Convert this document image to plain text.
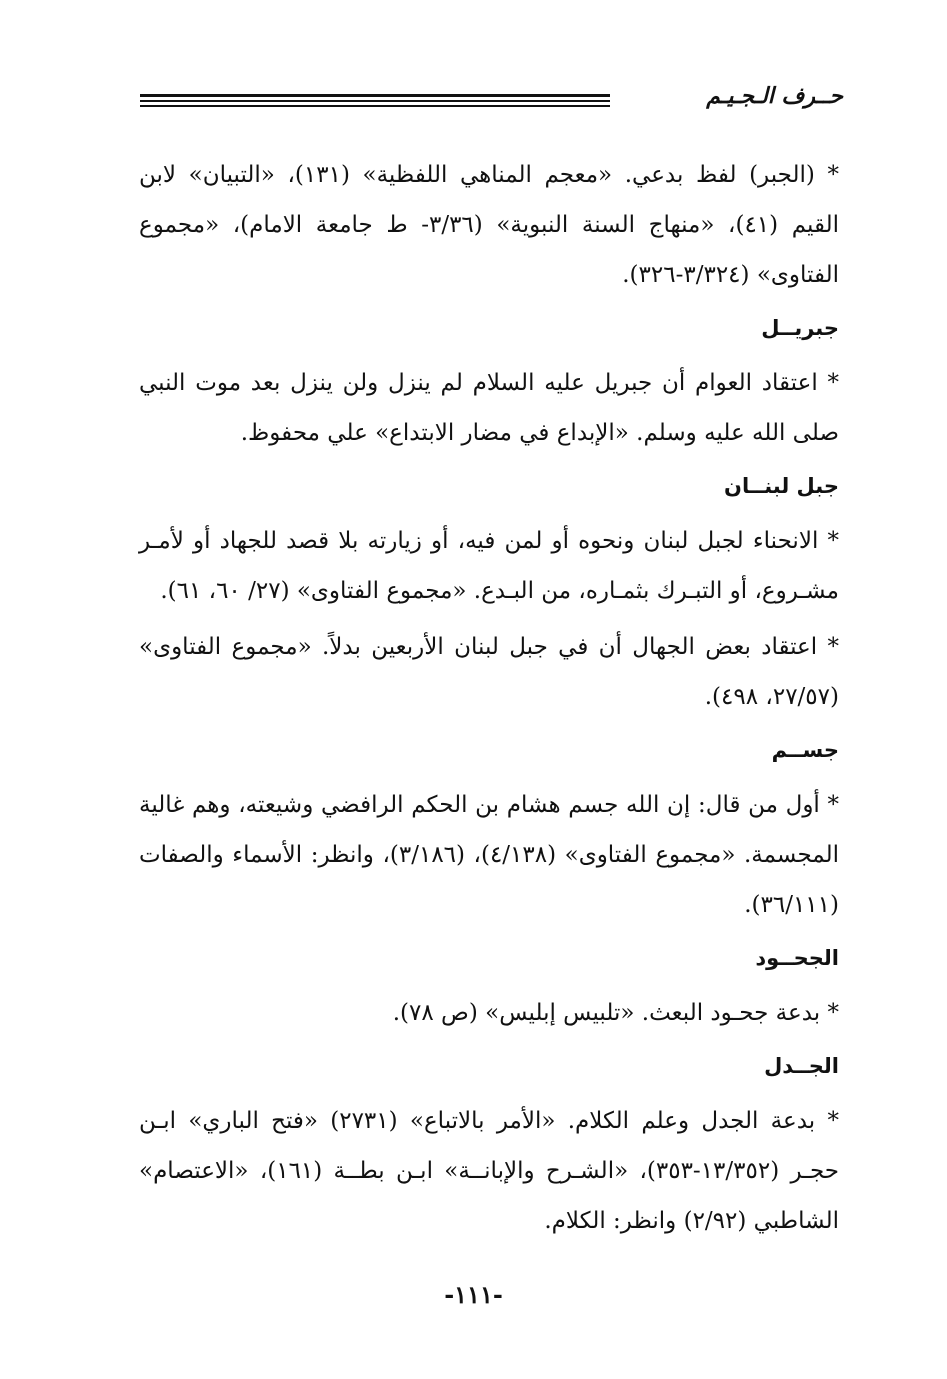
حــرف الـجـيـم

* (الجبر) لفظ بدعي. «معجم المناهي اللفظية» (١٣١)، «التبيان» لابن القيم (٤١)، «منهاج السنة النبوية» (٣/٣٦- ط جامعة الامام)، «مجموع الفتاوى» (٣/٣٢٤-٣٢٦).

جبريــل

* اعتقاد العوام أن جبريل عليه السلام لم ينزل ولن ينزل بعد موت النبي صلى الله عليه وسلم. «الإبداع في مضار الابتداع» علي محفوظ.

جبل لبنــان

* الانحناء لجبل لبنان ونحوه أو لمن فيه، أو زيارته بلا قصد للجهاد أو لأمـر مشـروع، أو التبـرك بثمـاره، من البـدع. «مجموع الفتاوى» (٢٧/ ٦٠، ٦١).

* اعتقاد بعض الجهال أن في جبل لبنان الأربعين بدلاً. «مجموع الفتاوى» (٢٧/٥٧، ٤٩٨).

جســم

* أول من قال: إن الله جسم هشام بن الحكم الرافضي وشيعته، وهم غالية المجسمة. «مجموع الفتاوى» (٤/١٣٨)، (٣/١٨٦)، وانظر: الأسماء والصفات (٣٦/١١١).

الجحــود

* بدعة جحـود البعث. «تلبيس إبليس» (ص ٧٨).

الجــدل

* بدعة الجدل وعلم الكلام. «الأمر بالاتباع» (٢٧٣١) «فتح الباري» ابـن حجـر (١٣/٣٥٢-٣٥٣)، «الشـرح والإبانــة» ابـن بطــة (١٦١)، «الاعتصام» الشاطبي (٢/٩٢) وانظر: الكلام.

-١١١-
